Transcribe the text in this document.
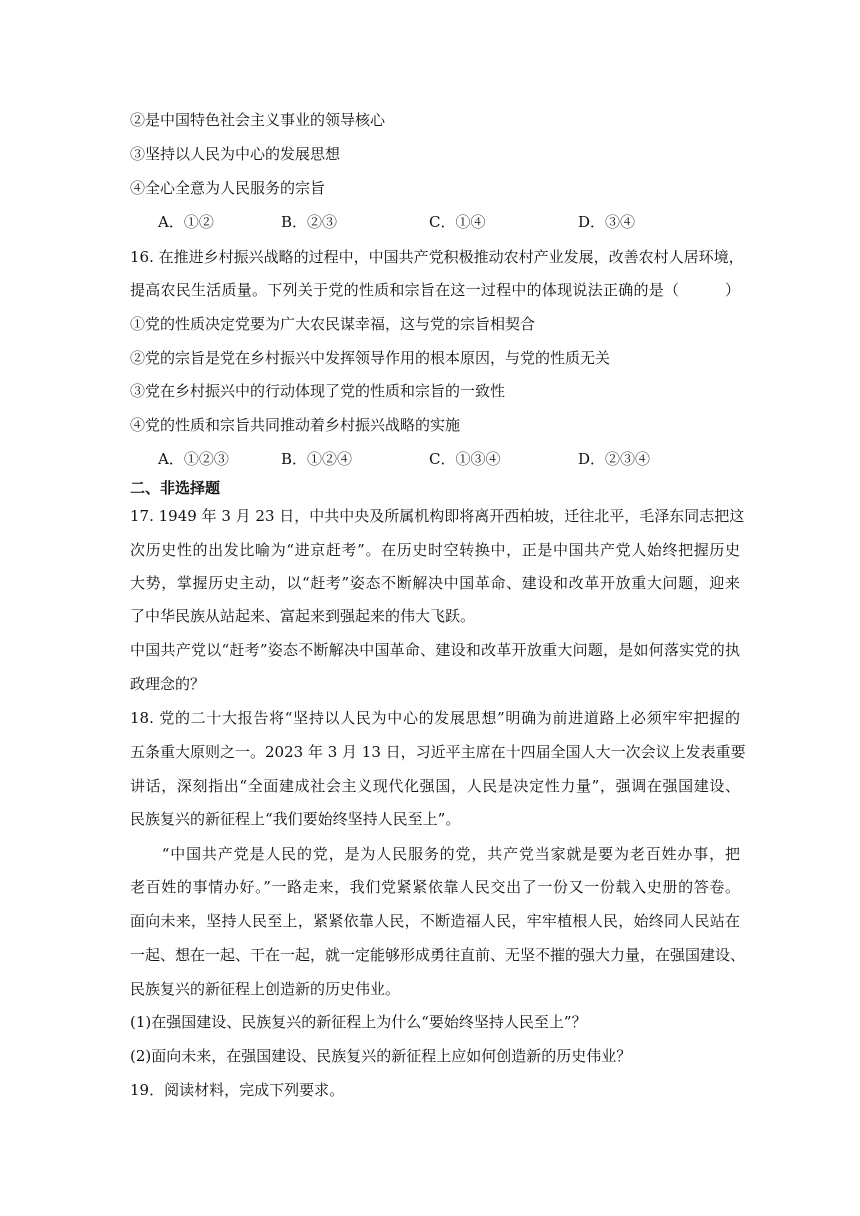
②是中国特色社会主义事业的领导核心
③坚持以人民为中心的发展思想
④全心全意为人民服务的宗旨
A．①②	B．②③	C．①④	D．③④
16. 在推进乡村振兴战略的过程中，中国共产党积极推动农村产业发展，改善农村人居环境，
提高农民生活质量。下列关于党的性质和宗旨在这一过程中的体现说法正确的是（　　　）
①党的性质决定党要为广大农民谋幸福，这与党的宗旨相契合
②党的宗旨是党在乡村振兴中发挥领导作用的根本原因，与党的性质无关
③党在乡村振兴中的行动体现了党的性质和宗旨的一致性
④党的性质和宗旨共同推动着乡村振兴战略的实施
A．①②③	B．①②④	C．①③④	D．②③④
二、非选择题
17. 1949 年 3 月 23 日，中共中央及所属机构即将离开西柏坡，迁往北平，毛泽东同志把这
次历史性的出发比喻为“进京赶考”。在历史时空转换中，正是中国共产党人始终把握历史
大势，掌握历史主动，以“赶考”姿态不断解决中国革命、建设和改革开放重大问题，迎来
了中华民族从站起来、富起来到强起来的伟大飞跃。
中国共产党以“赶考”姿态不断解决中国革命、建设和改革开放重大问题，是如何落实党的执
政理念的？
18. 党的二十大报告将“坚持以人民为中心的发展思想”明确为前进道路上必须牢牢把握的
五条重大原则之一。2023 年 3 月 13 日，习近平主席在十四届全国人大一次会议上发表重要
讲话，深刻指出“全面建成社会主义现代化强国，人民是决定性力量”，强调在强国建设、
民族复兴的新征程上“我们要始终坚持人民至上”。
　　“中国共产党是人民的党，是为人民服务的党，共产党当家就是要为老百姓办事，把
老百姓的事情办好。”一路走来，我们党紧紧依靠人民交出了一份又一份载入史册的答卷。
面向未来，坚持人民至上，紧紧依靠人民，不断造福人民，牢牢植根人民，始终同人民站在
一起、想在一起、干在一起，就一定能够形成勇往直前、无坚不摧的强大力量，在强国建设、
民族复兴的新征程上创造新的历史伟业。
(1)在强国建设、民族复兴的新征程上为什么“要始终坚持人民至上”？
(2)面向未来，在强国建设、民族复兴的新征程上应如何创造新的历史伟业？
19．阅读材料，完成下列要求。
